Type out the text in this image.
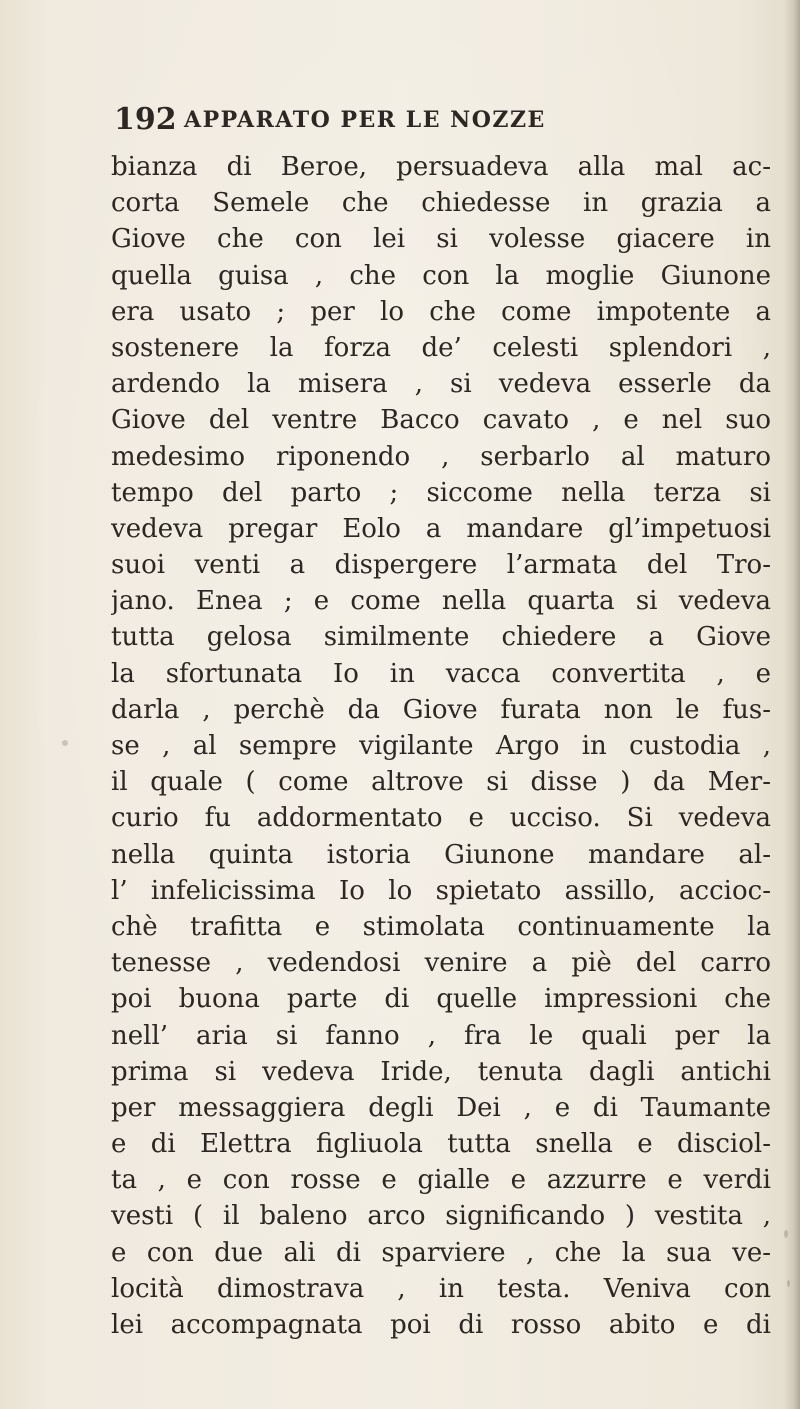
192 APPARATO PER LE NOZZE
bianza di Beroe, persuadeva alla mal ac-
corta Semele che chiedesse in grazia a
Giove che con lei si volesse giacere in
quella guisa , che con la moglie Giunone
era usato ; per lo che come impotente a
sostenere la forza de’ celesti splendori ,
ardendo la misera , si vedeva esserle da
Giove del ventre Bacco cavato , e nel suo
medesimo riponendo , serbarlo al maturo
tempo del parto ; siccome nella terza si
vedeva pregar Eolo a mandare gl’impetuosi
suoi venti a dispergere l’armata del Tro-
jano. Enea ; e come nella quarta si vedeva
tutta gelosa similmente chiedere a Giove
la sfortunata Io in vacca convertita , e
darla , perchè da Giove furata non le fus-
se , al sempre vigilante Argo in custodia ,
il quale ( come altrove si disse ) da Mer-
curio fu addormentato e ucciso. Si vedeva
nella quinta istoria Giunone mandare al-
l’ infelicissima Io lo spietato assillo, accioc-
chè trafitta e stimolata continuamente la
tenesse , vedendosi venire a piè del carro
poi buona parte di quelle impressioni che
nell’ aria si fanno , fra le quali per la
prima si vedeva Iride, tenuta dagli antichi
per messaggiera degli Dei , e di Taumante
e di Elettra figliuola tutta snella e disciol-
ta , e con rosse e gialle e azzurre e verdi
vesti ( il baleno arco significando ) vestita ,
e con due ali di sparviere , che la sua ve-
locità dimostrava , in testa. Veniva con
lei accompagnata poi di rosso abito e di
